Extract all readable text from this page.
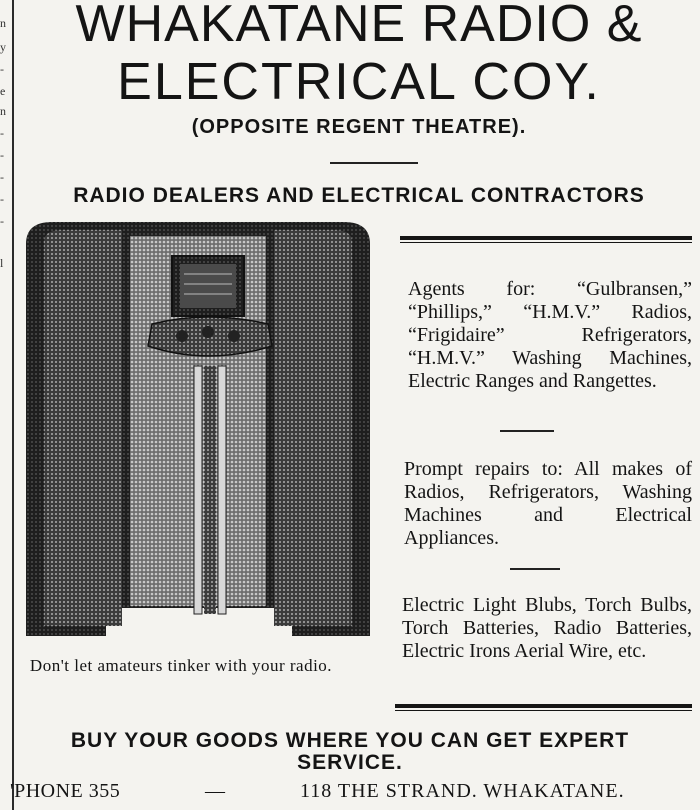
n
y
-
e
n
-
-
-
-
-
l
WHAKATANE RADIO &
ELECTRICAL COY.
(OPPOSITE REGENT THEATRE).
RADIO DEALERS AND ELECTRICAL CONTRACTORS
Agents for: “Gulbransen,” “Phillips,” “H.M.V.” Radios, “Frigidaire” Refrigerators, “H.M.V.” Washing Machines, Electric Ranges and Rangettes.
Prompt repairs to: All makes of Radios, Refrigerators, Washing Machines and Electrical Appliances.
Electric Light Blubs, Torch Bulbs, Torch Batteries, Radio Batteries, Electric Irons Aerial Wire, etc.
Don't let amateurs tinker with your radio.
BUY YOUR GOODS WHERE YOU CAN GET EXPERT SERVICE.
'PHONE 355	—	118 THE STRAND. WHAKATANE.
